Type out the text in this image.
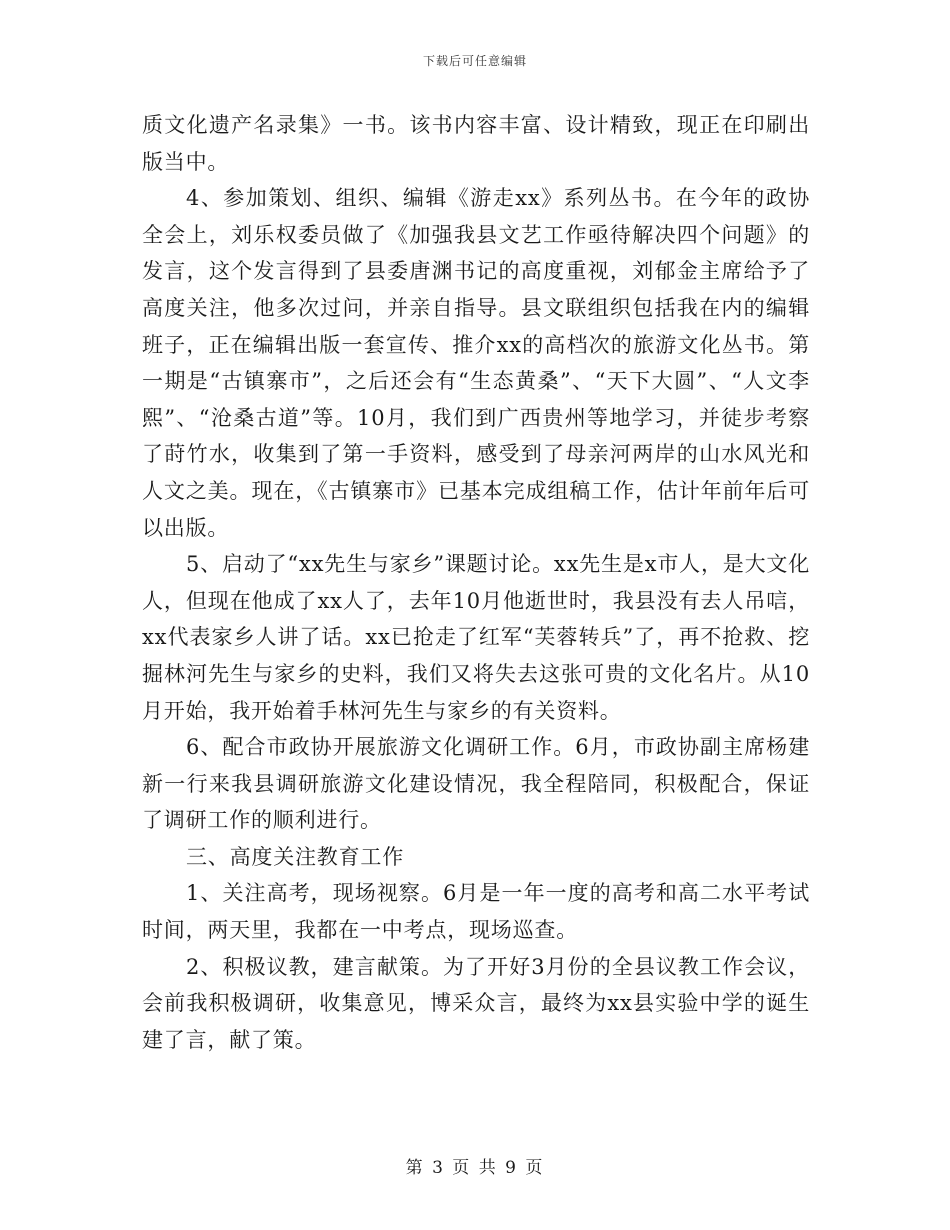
下载后可任意编辑

质文化遗产名录集》一书。该书内容丰富、设计精致，现正在印刷出版当中。

4、参加策划、组织、编辑《游走xx》系列丛书。在今年的政协全会上，刘乐权委员做了《加强我县文艺工作亟待解决四个问题》的发言，这个发言得到了县委唐渊书记的高度重视，刘郁金主席给予了高度关注，他多次过问，并亲自指导。县文联组织包括我在内的编辑班子，正在编辑出版一套宣传、推介xx的高档次的旅游文化丛书。第一期是“古镇寨市”，之后还会有“生态黄桑”、“天下大圆”、“人文李熙”、“沧桑古道”等。10月，我们到广西贵州等地学习，并徒步考察了莳竹水，收集到了第一手资料，感受到了母亲河两岸的山水风光和人文之美。现在，《古镇寨市》已基本完成组稿工作，估计年前年后可以出版。

5、启动了“xx先生与家乡”课题讨论。xx先生是x市人，是大文化人，但现在他成了xx人了，去年10月他逝世时，我县没有去人吊唁，xx代表家乡人讲了话。xx已抢走了红军“芙蓉转兵”了，再不抢救、挖掘林河先生与家乡的史料，我们又将失去这张可贵的文化名片。从10月开始，我开始着手林河先生与家乡的有关资料。

6、配合市政协开展旅游文化调研工作。6月，市政协副主席杨建新一行来我县调研旅游文化建设情况，我全程陪同，积极配合，保证了调研工作的顺利进行。

三、高度关注教育工作

1、关注高考，现场视察。6月是一年一度的高考和高二水平考试时间，两天里，我都在一中考点，现场巡查。

2、积极议教，建言献策。为了开好3月份的全县议教工作会议，会前我积极调研，收集意见，博采众言，最终为xx县实验中学的诞生建了言，献了策。

第 3 页 共 9 页
